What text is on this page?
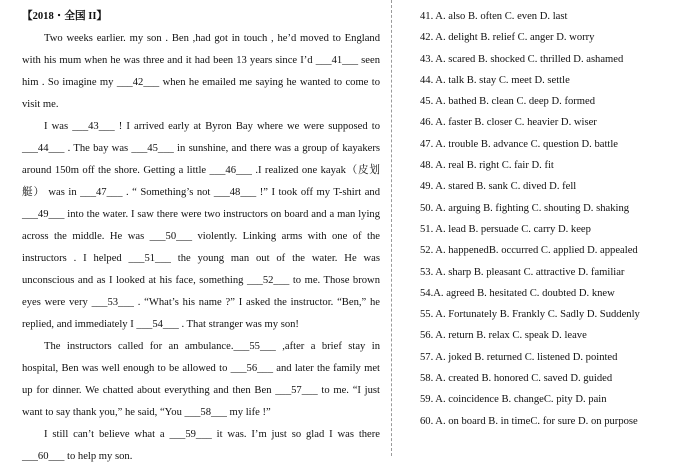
【2018・全国 II】

Two weeks earlier. my son . Ben ,had got in touch , he’d moved to England with his mum when he was three and it had been 13 years since I’d ___41___ seen him . So imagine my ___42___ when he emailed me saying he wanted to come to visit me.

I was ___43___ ! I arrived early at Byron Bay where we were supposed to ___44___ . The bay was ___45___ in sunshine, and there was a group of kayakers around 150m off the shore. Getting a little ___46___ .I realized one kayak（皮划艇） was in ___47___ . “ Something’s not ___48___ !” I took off my T-shirt and ___49___ into the water. I saw there were two instructors on board and a man lying across the middle. He was ___50___ violently. Linking arms with one of the instructors . I helped ___51___ the young man out of the water. He was unconscious and as I looked at his face, something ___52___ to me. Those brown eyes were very ___53___ . “What’s his name ?” I asked the instructor. “Ben,” he replied, and immediately I ___54___ . That stranger was my son!

The instructors called for an ambulance.___55___ ,after a brief stay in hospital, Ben was well enough to be allowed to ___56___ and later the family met up for dinner. We chatted about everything and then Ben ___57___ to me. “I just want to say thank you,” he said, “You ___58___ my life !”

I still can’t believe what a ___59___ it was. I’m just so glad I was there ___60___ to help my son.

41. A. also B. often C. even D. last
42. A. delight B. relief C. anger D. worry
43. A. scared B. shocked C. thrilled D. ashamed
44. A. talk B. stay C. meet D. settle
45. A. bathed B. clean C. deep D. formed
46. A. faster B. closer C. heavier D. wiser
47. A. trouble B. advance C. question D. battle
48. A. real B. right C. fair D. fit
49. A. stared B. sank C. dived D. fell
50. A. arguing B. fighting C. shouting D. shaking
51. A. lead B. persuade C. carry D. keep
52. A. happenedB. occurred C. applied D. appealed
53. A. sharp B. pleasant C. attractive D. familiar
54.A. agreed B. hesitated C. doubted D. knew
55. A. Fortunately B. Frankly C. Sadly D. Suddenly
56. A. return B. relax C. speak D. leave
57. A. joked B. returned C. listened D. pointed
58. A. created B. honored C. saved D. guided
59. A. coincidence B. changeC. pity D. pain
60. A. on board B. in timeC. for sure D. on purpose
